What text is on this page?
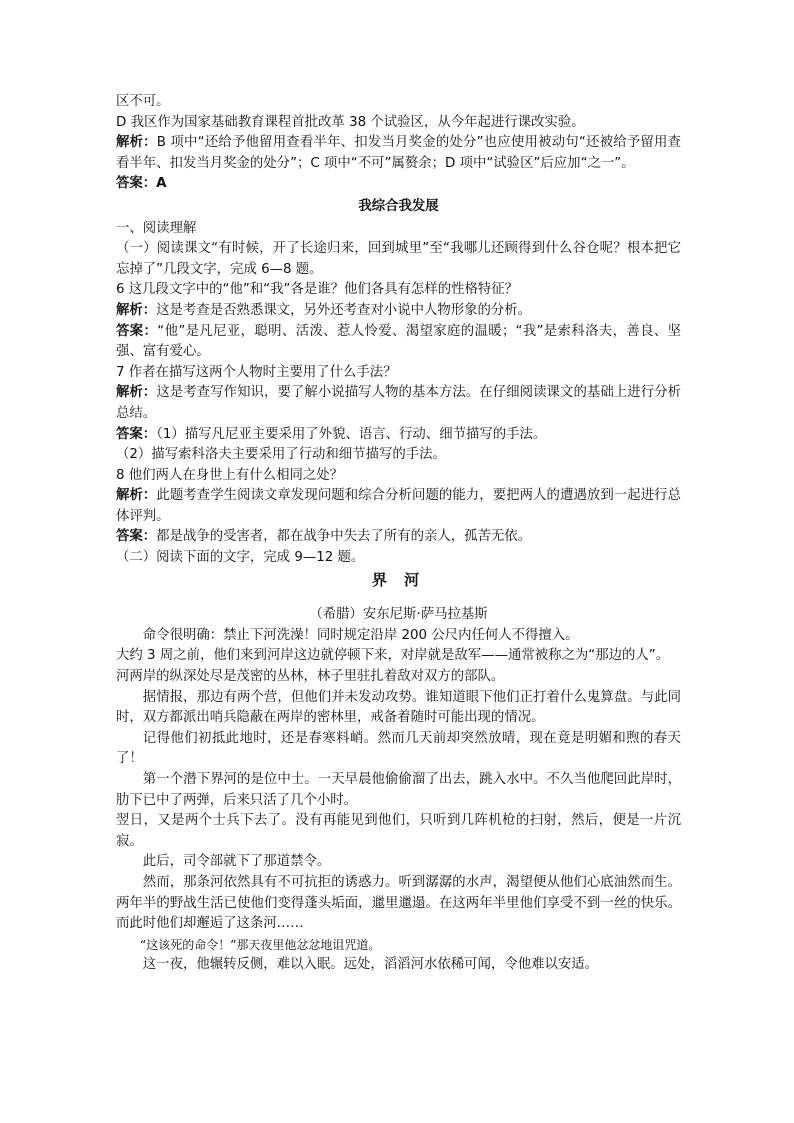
区不可。

D 我区作为国家基础教育课程首批改革 38 个试验区，从今年起进行课改实验。

解析：B 项中“还给予他留用查看半年、扣发当月奖金的处分”也应使用被动句“还被给予留用查看半年、扣发当月奖金的处分”；C 项中“不可”属赘余；D 项中“试验区”后应加“之一”。

答案：A

我综合我发展

一、阅读理解

（一）阅读课文“有时候，开了长途归来，回到城里”至“我哪儿还顾得到什么谷仓呢？根本把它忘掉了”几段文字，完成 6—8 题。

6 这几段文字中的“他”和“我”各是谁？他们各具有怎样的性格特征？

解析：这是考查是否熟悉课文，另外还考查对小说中人物形象的分析。

答案：“他”是凡尼亚，聪明、活泼、惹人怜爱、渴望家庭的温暖；“我”是索科洛夫，善良、坚强、富有爱心。

7 作者在描写这两个人物时主要用了什么手法？

解析：这是考查写作知识，要了解小说描写人物的基本方法。在仔细阅读课文的基础上进行分析总结。

答案：（1）描写凡尼亚主要采用了外貌、语言、行动、细节描写的手法。

（2）描写索科洛夫主要采用了行动和细节描写的手法。

8 他们两人在身世上有什么相同之处？

解析：此题考查学生阅读文章发现问题和综合分析问题的能力，要把两人的遭遇放到一起进行总体评判。

答案：都是战争的受害者，都在战争中失去了所有的亲人，孤苦无依。

（二）阅读下面的文字，完成 9—12 题。

界 河

（希腊）安东尼斯·萨马拉基斯

命令很明确：禁止下河洗澡！同时规定沿岸 200 公尺内任何人不得擅入。

大约 3 周之前，他们来到河岸这边就停顿下来，对岸就是敌军——通常被称之为“那边的人”。

河两岸的纵深处尽是茂密的丛林，林子里驻扎着敌对双方的部队。

据情报，那边有两个营，但他们并未发动攻势。谁知道眼下他们正打着什么鬼算盘。与此同时，双方都派出哨兵隐蔽在两岸的密林里，戒备着随时可能出现的情况。

记得他们初抵此地时，还是春寒料峭。然而几天前却突然放晴，现在竟是明媚和煦的春天了！

第一个潜下界河的是位中士。一天早晨他偷偷溜了出去，跳入水中。不久当他爬回此岸时，肋下已中了两弹，后来只活了几个小时。

翌日，又是两个士兵下去了。没有再能见到他们，只听到几阵机枪的扫射，然后，便是一片沉寂。

此后，司令部就下了那道禁令。

然而，那条河依然具有不可抗拒的诱惑力。听到潺潺的水声，渴望便从他们心底油然而生。两年半的野战生活已使他们变得蓬头垢面，邋里邋遢。在这两年半里他们享受不到一丝的快乐。而此时他们却邂逅了这条河……

“这该死的命令！”那天夜里他忿忿地诅咒道。

这一夜，他辗转反侧，难以入眠。远处，滔滔河水依稀可闻，令他难以安适。
